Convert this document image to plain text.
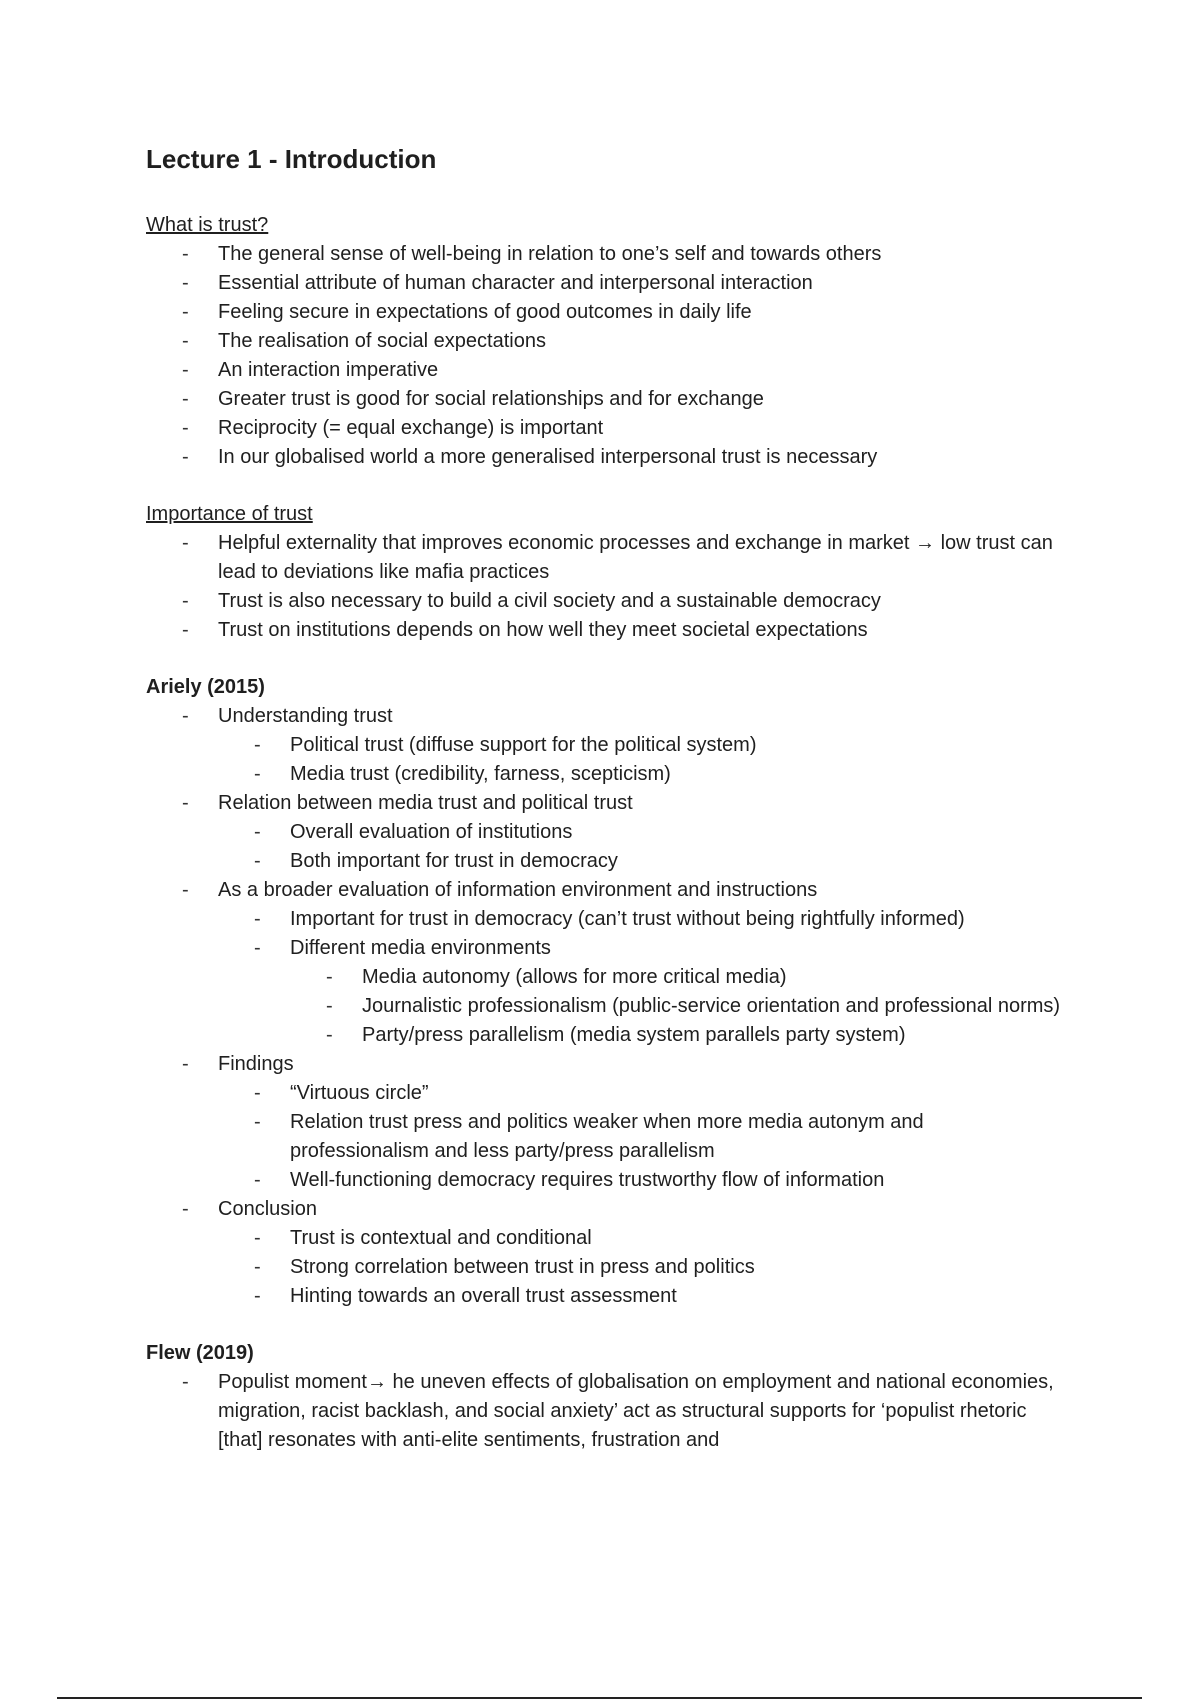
Lecture 1 - Introduction

What is trust?

- The general sense of well-being in relation to one’s self and towards others
- Essential attribute of human character and interpersonal interaction
- Feeling secure in expectations of good outcomes in daily life
- The realisation of social expectations
- An interaction imperative
- Greater trust is good for social relationships and for exchange
- Reciprocity (= equal exchange) is important
- In our globalised world a more generalised interpersonal trust is necessary

Importance of trust

- Helpful externality that improves economic processes and exchange in market → low trust can lead to deviations like mafia practices
- Trust is also necessary to build a civil society and a sustainable democracy
- Trust on institutions depends on how well they meet societal expectations

Ariely (2015)

- Understanding trust
- Political trust (diffuse support for the political system)
- Media trust (credibility, farness, scepticism)
- Relation between media trust and political trust
- Overall evaluation of institutions
- Both important for trust in democracy
- As a broader evaluation of information environment and instructions
- Important for trust in democracy (can’t trust without being rightfully informed)
- Different media environments
- Media autonomy (allows for more critical media)
- Journalistic professionalism (public-service orientation and professional norms)
- Party/press parallelism (media system parallels party system)
- Findings
- “Virtuous circle”
- Relation trust press and politics weaker when more media autonym and professionalism and less party/press parallelism
- Well-functioning democracy requires trustworthy flow of information
- Conclusion
- Trust is contextual and conditional
- Strong correlation between trust in press and politics
- Hinting towards an overall trust assessment

Flew (2019)

- Populist moment→ he uneven effects of globalisation on employment and national economies, migration, racist backlash, and social anxiety’ act as structural supports for ‘populist rhetoric [that] resonates with anti-elite sentiments, frustration and
